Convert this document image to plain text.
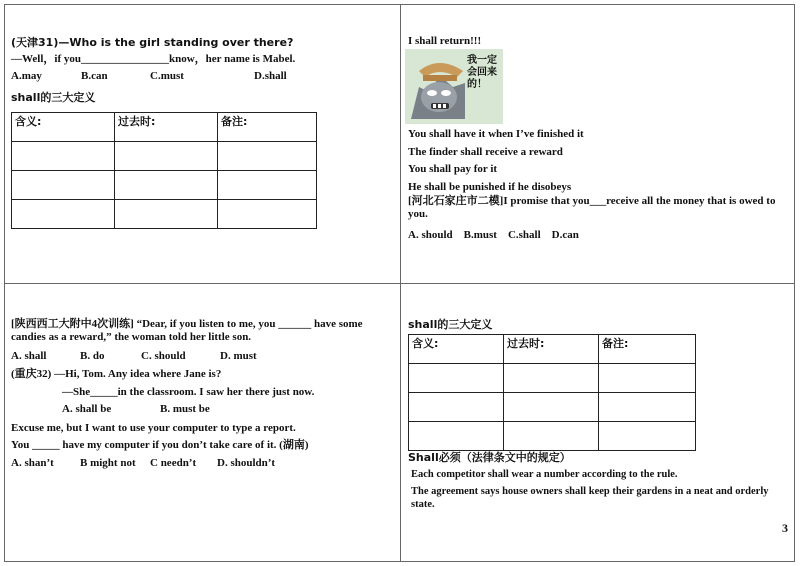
(天津31)—Who is the girl standing over there?
—Well，if you________________know，her name is Mabel.
A.may	B.can	C.must	D.shall
shall的三大定义
含义:	过去时:	备注:

I shall return!!!
我一定会回来的！
You shall have it when I’ve finished it
The finder shall receive a reward
You shall pay for it
He shall be punished if he disobeys
[河北石家庄市二模]I promise that you___receive all the money that is owed to you.
A. should    B.must    C.shall    D.can
[陕西西工大附中4次训练] “Dear, if you listen to me, you ______ have some candies as a reward,” the woman told her little son.
A. shall	B. do	C. should	D. must
(重庆32) —Hi, Tom. Any idea where Jane is?
—She_____in the classroom. I saw her there just now.
A. shall be	B. must be
Excuse me, but I want to use your computer to type a report.
You _____ have my computer if you don’t take care of it. (湖南)
A. shan’t B might not C needn’t D. shouldn’t
shall的三大定义
含义:	过去时:	备注:

Shall必须（法律条文中的规定）
Each competitor shall wear a number according to the rule.
The agreement says house owners shall keep their gardens in a neat and orderly state.
3
